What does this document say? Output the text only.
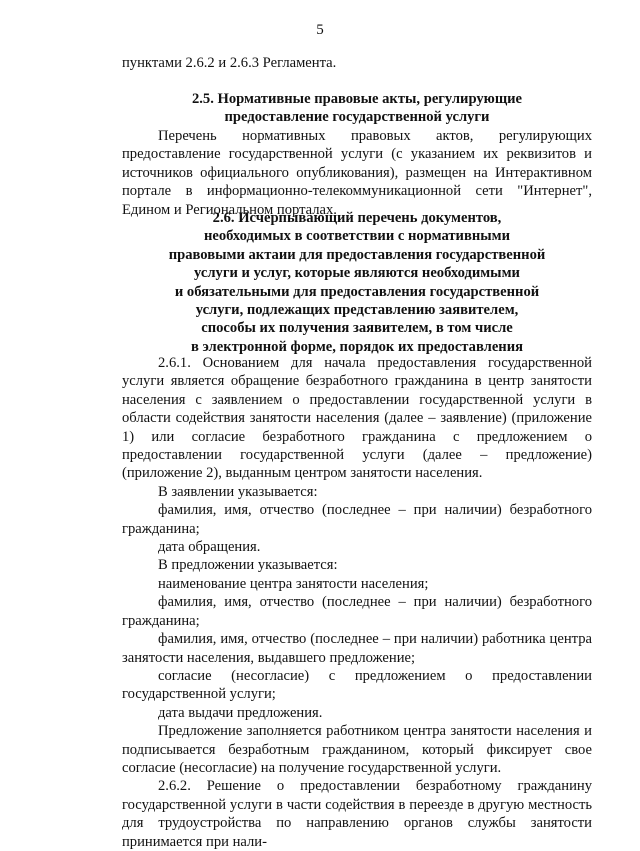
5
пунктами 2.6.2 и 2.6.3 Регламента.
2.5. Нормативные правовые акты, регулирующие
предоставление государственной услуги

Перечень нормативных правовых актов, регулирующих предоставление государственной услуги (с указанием их реквизитов и источников официального опубликования), размещен на Интерактивном портале в информационно-телекоммуникационной сети "Интернет", Едином и Региональном порталах.

2.6. Исчерпывающий перечень документов,
необходимых в соответствии с нормативными
правовыми актаии для предоставления государственной
услуги и услуг, которые являются необходимыми
и обязательными для предоставления государственной
услуги, подлежащих представлению заявителем,
способы их получения заявителем, в том числе
в электронной форме, порядок их предоставления

2.6.1. Основанием для начала предоставления государственной услуги является обращение безработного гражданина в центр занятости населения с заявлением о предоставлении государственной услуги в области содействия занятости населения (далее – заявление) (приложение 1) или согласие безработного гражданина с предложением о предоставлении государственной услуги (далее – предложение) (приложение 2), выданным центром занятости населения.

В заявлении указывается:

фамилия, имя, отчество (последнее – при наличии) безработного гражданина;

дата обращения.

В предложении указывается:

наименование центра занятости населения;

фамилия, имя, отчество (последнее – при наличии) безработного гражданина;

фамилия, имя, отчество (последнее – при наличии) работника центра занятости населения, выдавшего предложение;

согласие (несогласие) с предложением о предоставлении государственной услуги;

дата выдачи предложения.

Предложение заполняется работником центра занятости населения и подписывается безработным гражданином, который фиксирует свое согласие (несогласие) на получение государственной услуги.

2.6.2. Решение о предоставлении безработному гражданину государственной услуги в части содействия в переезде в другую местность для трудоустройства по направлению органов службы занятости принимается при нали-
